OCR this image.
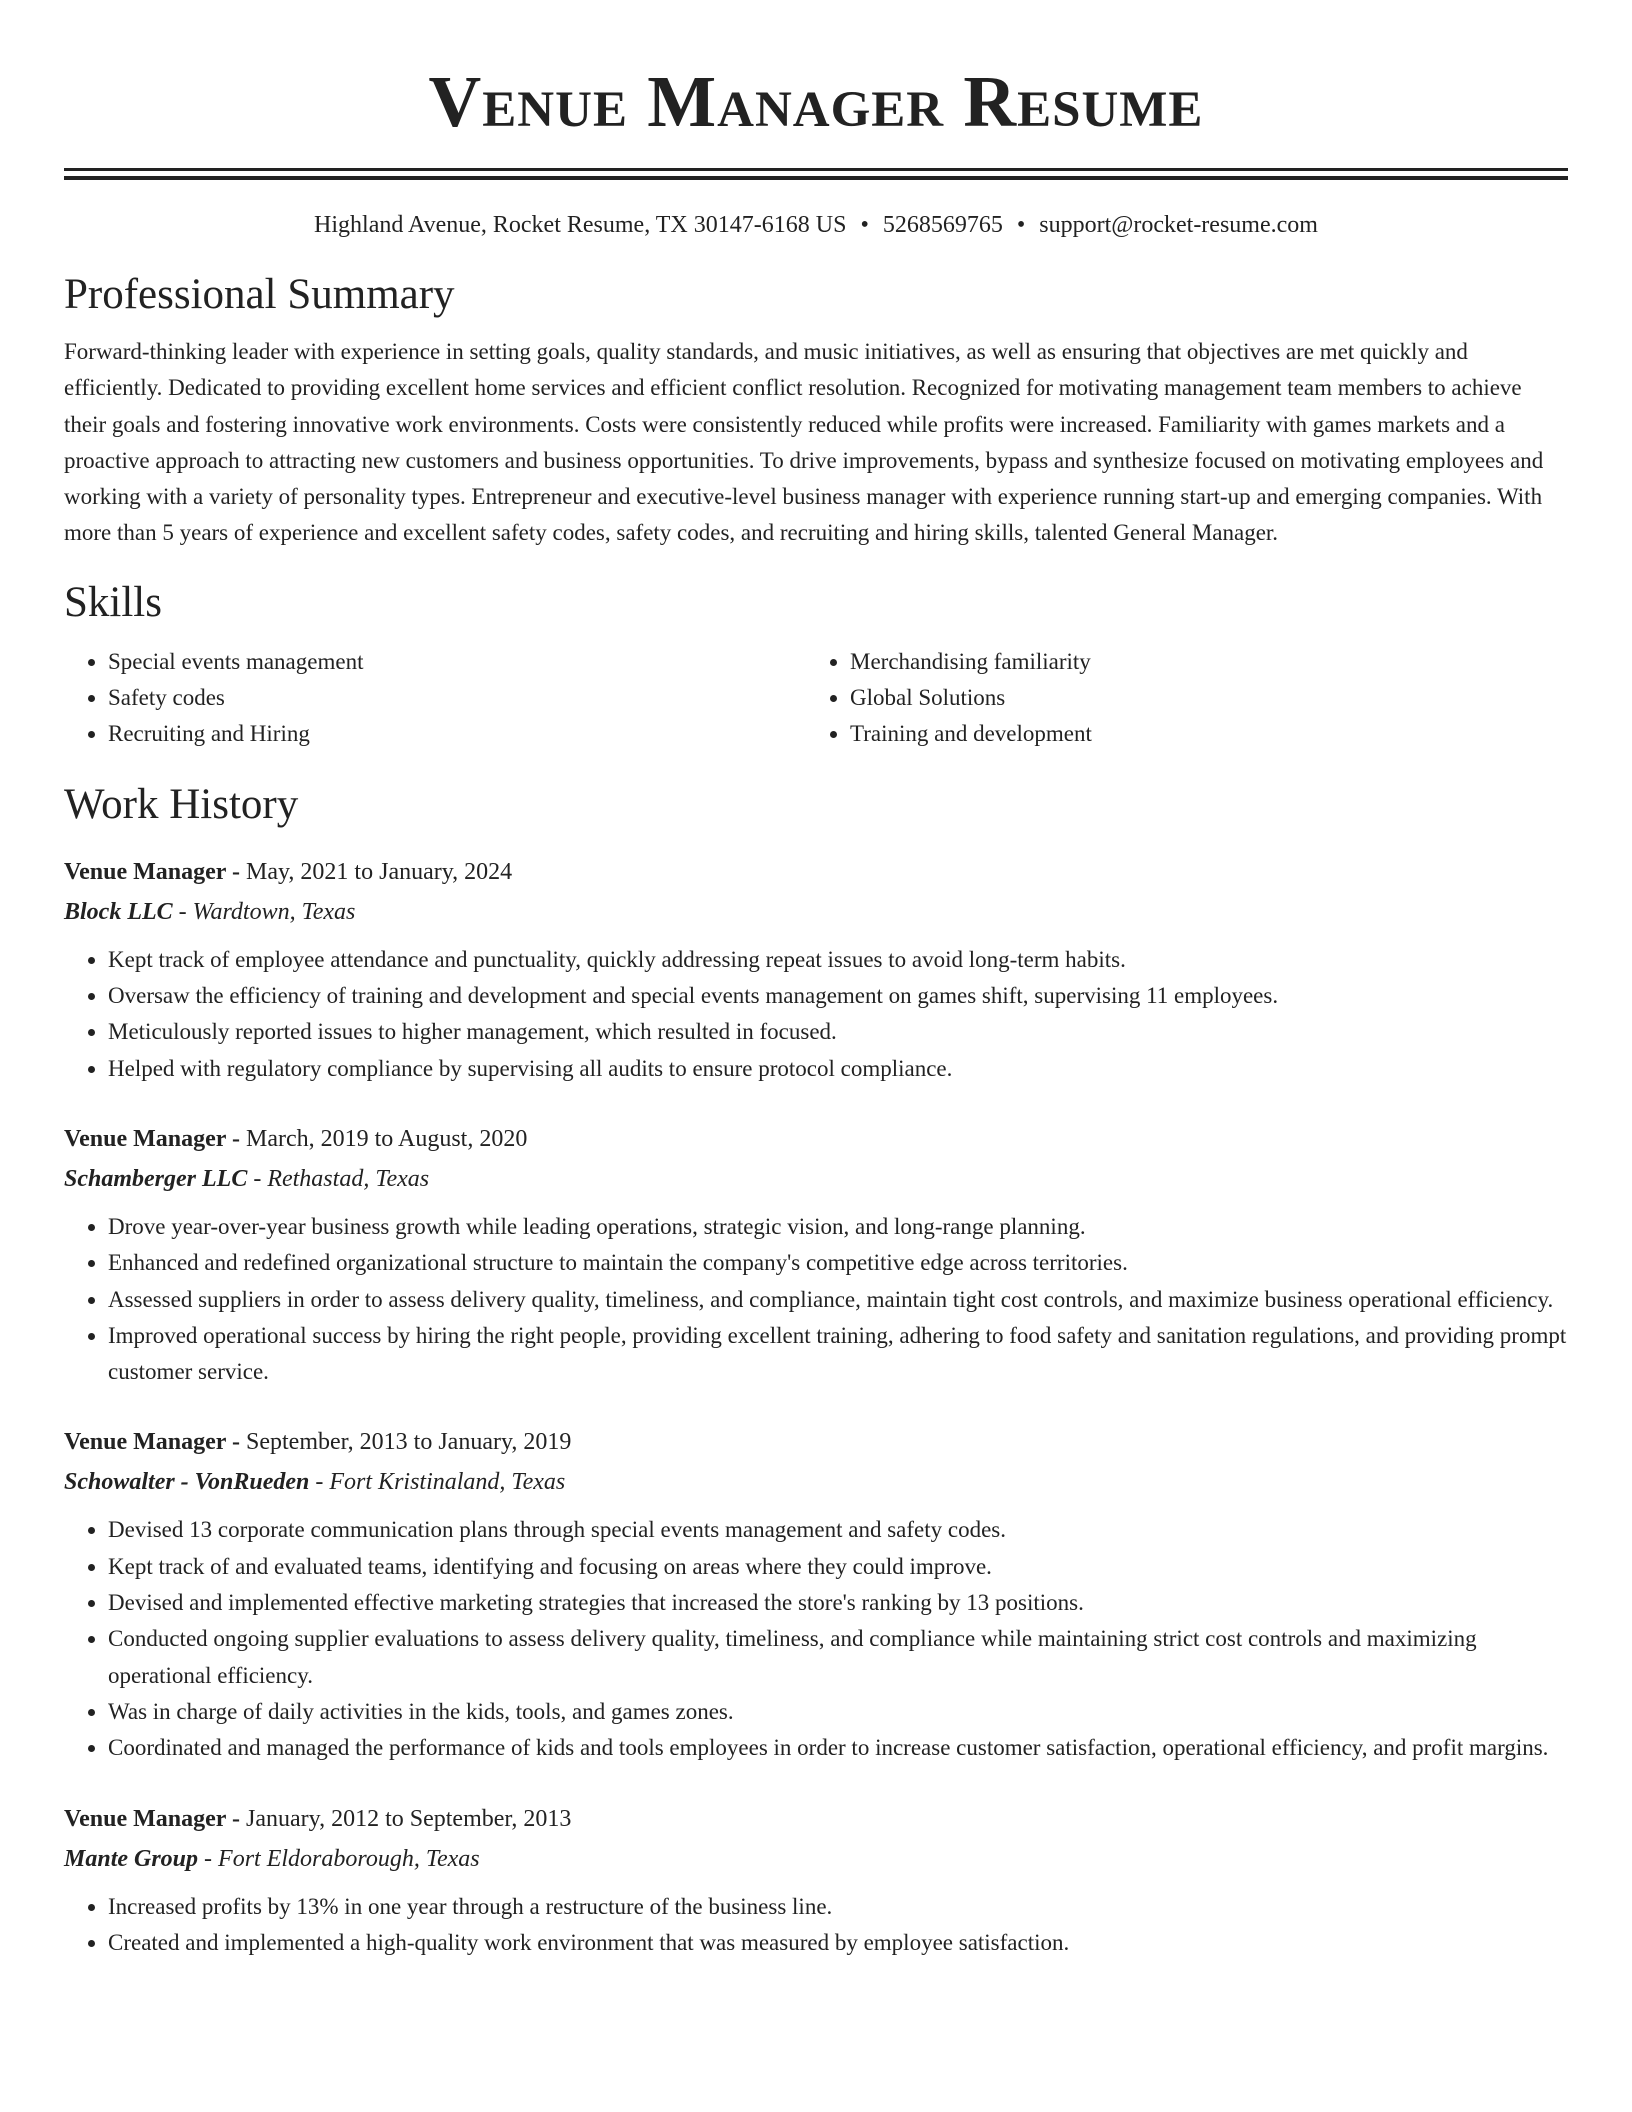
Venue Manager Resume
Highland Avenue, Rocket Resume, TX 30147-6168 US • 5268569765 • support@rocket-resume.com
Professional Summary

Forward-thinking leader with experience in setting goals, quality standards, and music initiatives, as well as ensuring that objectives are met quickly and efficiently. Dedicated to providing excellent home services and efficient conflict resolution. Recognized for motivating management team members to achieve their goals and fostering innovative work environments. Costs were consistently reduced while profits were increased. Familiarity with games markets and a proactive approach to attracting new customers and business opportunities. To drive improvements, bypass and synthesize focused on motivating employees and working with a variety of personality types. Entrepreneur and executive-level business manager with experience running start-up and emerging companies. With more than 5 years of experience and excellent safety codes, safety codes, and recruiting and hiring skills, talented General Manager.

Skills
• Special events management
• Safety codes
• Recruiting and Hiring
• Merchandising familiarity
• Global Solutions
• Training and development
Work History
Venue Manager - May, 2021 to January, 2024
Block LLC - Wardtown, Texas
• Kept track of employee attendance and punctuality, quickly addressing repeat issues to avoid long-term habits.
• Oversaw the efficiency of training and development and special events management on games shift, supervising 11 employees.
• Meticulously reported issues to higher management, which resulted in focused.
• Helped with regulatory compliance by supervising all audits to ensure protocol compliance.
Venue Manager - March, 2019 to August, 2020
Schamberger LLC - Rethastad, Texas
• Drove year-over-year business growth while leading operations, strategic vision, and long-range planning.
• Enhanced and redefined organizational structure to maintain the company's competitive edge across territories.
• Assessed suppliers in order to assess delivery quality, timeliness, and compliance, maintain tight cost controls, and maximize business operational efficiency.
• Improved operational success by hiring the right people, providing excellent training, adhering to food safety and sanitation regulations, and providing prompt customer service.
Venue Manager - September, 2013 to January, 2019
Schowalter - VonRueden - Fort Kristinaland, Texas
• Devised 13 corporate communication plans through special events management and safety codes.
• Kept track of and evaluated teams, identifying and focusing on areas where they could improve.
• Devised and implemented effective marketing strategies that increased the store's ranking by 13 positions.
• Conducted ongoing supplier evaluations to assess delivery quality, timeliness, and compliance while maintaining strict cost controls and maximizing operational efficiency.
• Was in charge of daily activities in the kids, tools, and games zones.
• Coordinated and managed the performance of kids and tools employees in order to increase customer satisfaction, operational efficiency, and profit margins.
Venue Manager - January, 2012 to September, 2013
Mante Group - Fort Eldoraborough, Texas
• Increased profits by 13% in one year through a restructure of the business line.
• Created and implemented a high-quality work environment that was measured by employee satisfaction.
